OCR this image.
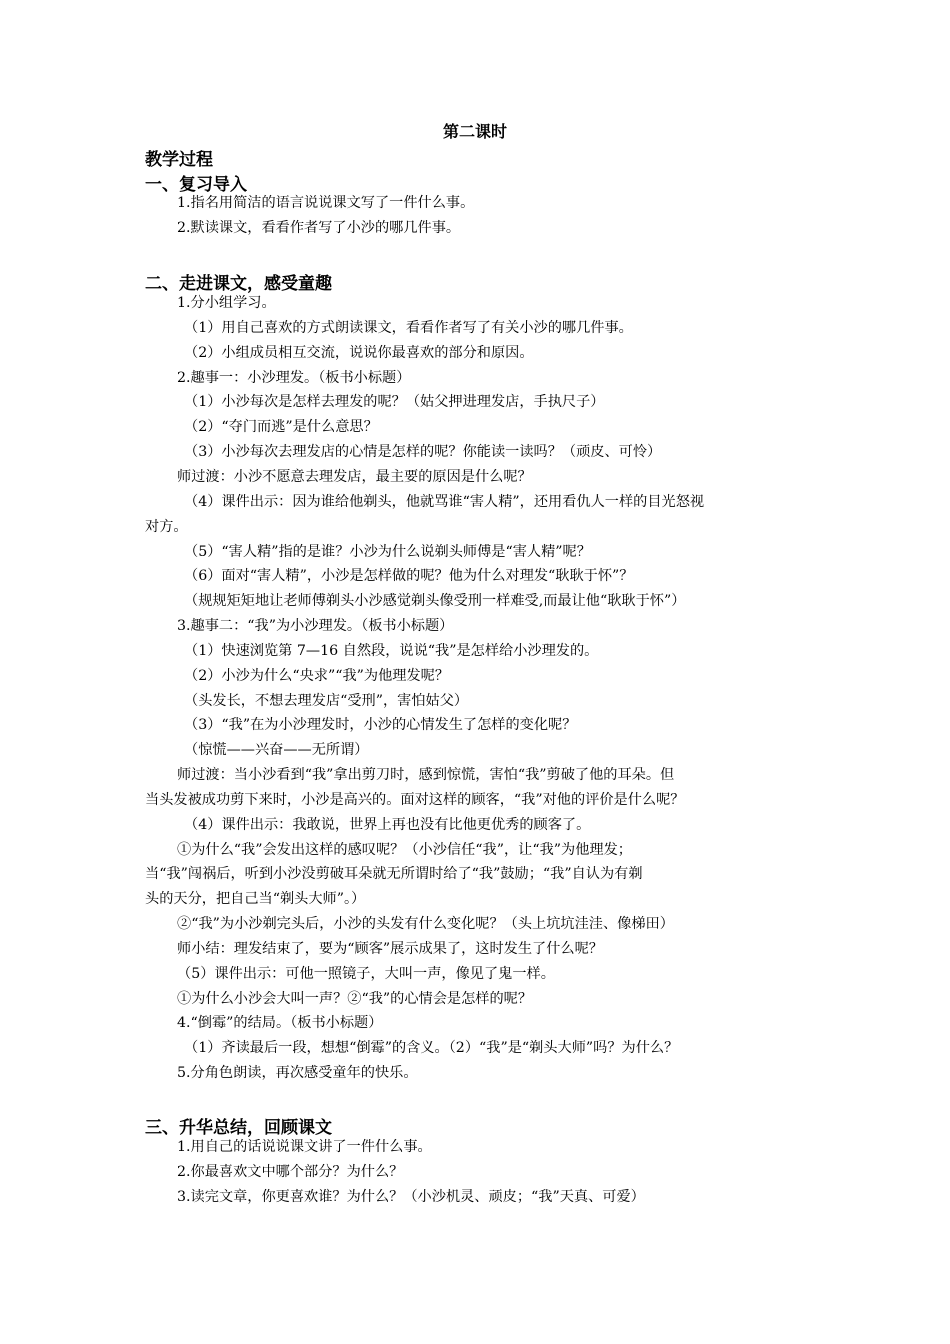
第二课时
教学过程
一、复习导入
1.指名用简洁的语言说说课文写了一件什么事。
2.默读课文，看看作者写了小沙的哪几件事。
二、走进课文，感受童趣
1.分小组学习。
（1）用自己喜欢的方式朗读课文，看看作者写了有关小沙的哪几件事。
（2）小组成员相互交流，说说你最喜欢的部分和原因。
2.趣事一：小沙理发。（板书小标题）
（1）小沙每次是怎样去理发的呢？（姑父押进理发店，手执尺子）
（2）“夺门而逃”是什么意思？
（3）小沙每次去理发店的心情是怎样的呢？你能读一读吗？（顽皮、可怜）
师过渡：小沙不愿意去理发店，最主要的原因是什么呢？
（4）课件出示：因为谁给他剃头，他就骂谁“害人精”，还用看仇人一样的目光怒视
对方。
（5）“害人精”指的是谁？小沙为什么说剃头师傅是“害人精”呢？
（6）面对“害人精”，小沙是怎样做的呢？他为什么对理发“耿耿于怀”？
（规规矩矩地让老师傅剃头小沙感觉剃头像受刑一样难受,而最让他“耿耿于怀”）
3.趣事二：“我”为小沙理发。（板书小标题）
（1）快速浏览第 7—16 自然段，说说“我”是怎样给小沙理发的。
（2）小沙为什么“央求”“我”为他理发呢？
（头发长，不想去理发店“受刑”，害怕姑父）
（3）“我”在为小沙理发时，小沙的心情发生了怎样的变化呢？
（惊慌——兴奋——无所谓）
师过渡：当小沙看到“我”拿出剪刀时，感到惊慌，害怕“我”剪破了他的耳朵。但
当头发被成功剪下来时，小沙是高兴的。面对这样的顾客，“我”对他的评价是什么呢？
（4）课件出示：我敢说，世界上再也没有比他更优秀的顾客了。
①为什么“我”会发出这样的感叹呢？（小沙信任“我”，让“我”为他理发；
当“我”闯祸后，听到小沙没剪破耳朵就无所谓时给了“我”鼓励；“我”自认为有剃
头的天分，把自己当“剃头大师”。）
②“我”为小沙剃完头后，小沙的头发有什么变化呢？（头上坑坑洼洼、像梯田）
师小结：理发结束了，要为“顾客”展示成果了，这时发生了什么呢？
（5）课件出示：可他一照镜子，大叫一声，像见了鬼一样。
①为什么小沙会大叫一声？②“我”的心情会是怎样的呢？
4.“倒霉”的结局。（板书小标题）
（1）齐读最后一段，想想“倒霉”的含义。（2）“我”是“剃头大师”吗？为什么？
5.分角色朗读，再次感受童年的快乐。
三、升华总结，回顾课文
1.用自己的话说说课文讲了一件什么事。
2.你最喜欢文中哪个部分？为什么？
3.读完文章，你更喜欢谁？为什么？（小沙机灵、顽皮；“我”天真、可爱）
